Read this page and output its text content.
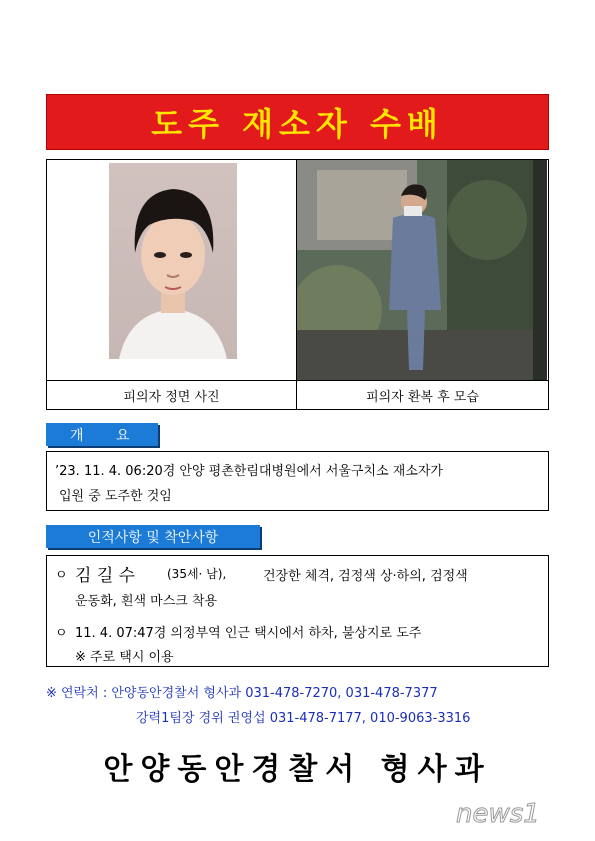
도주 재소자 수배
피의자 정면 사진	피의자 환복 후 모습
개 요
’23. 11. 4. 06:20경 안양 평촌한림대병원에서 서울구치소 재소자가
입원 중 도주한 것임
인적사항 및 착안사항
ㅇ 김 길 수	(35세· 남),	건장한 체격, 검정색 상·하의, 검정색
운동화, 흰색 마스크 착용
ㅇ 11. 4. 07:47경 의정부역 인근 택시에서 하차, 불상지로 도주
※ 주로 택시 이용
※ 연락처 : 안양동안경찰서 형사과 031-478-7270, 031-478-7377
강력1팀장 경위 권영섭 031-478-7177, 010-9063-3316
안양동안경찰서 형사과
news1
